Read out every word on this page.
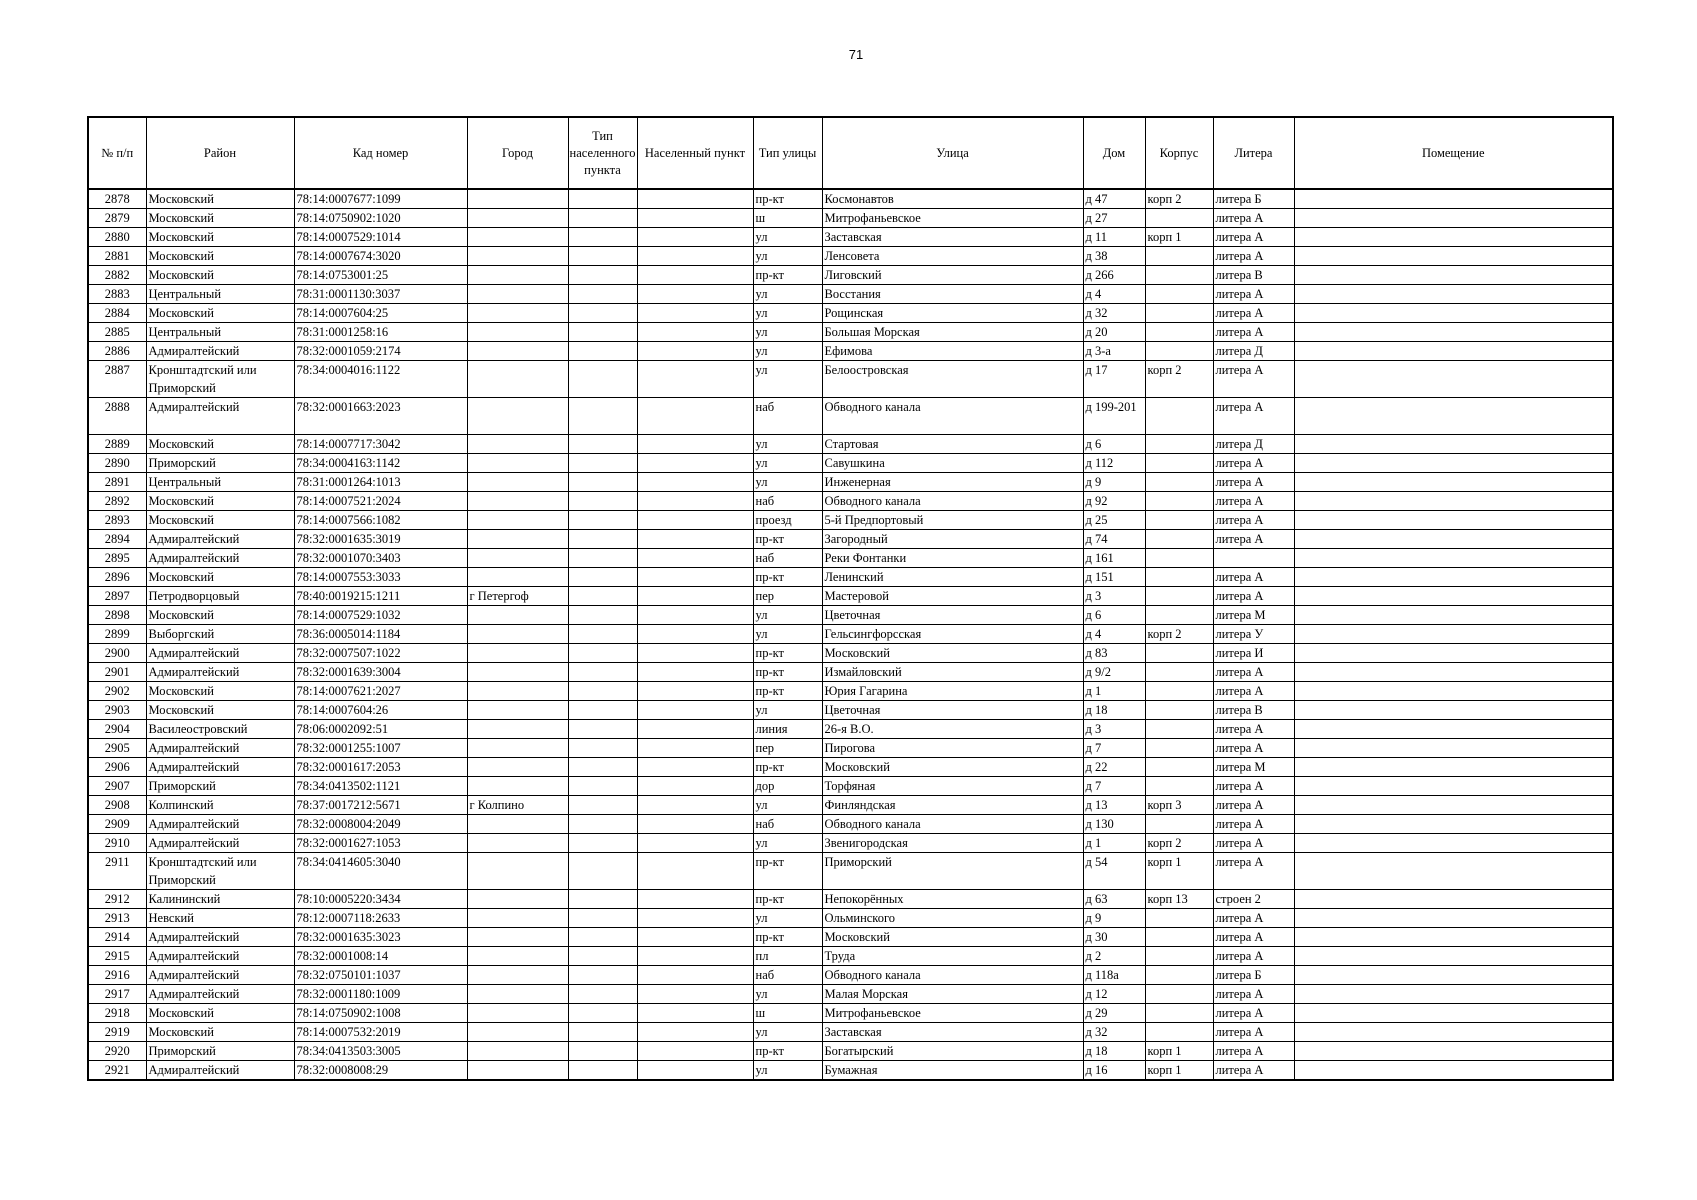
71
№ п/п	Район	Кад номер	Город	Тип населенного пункта	Населенный пункт	Тип улицы	Улица	Дом	Корпус	Литера	Помещение
2878	Московский	78:14:0007677:1099				пр-кт	Космонавтов	д 47	корп 2	литера Б	
2879	Московский	78:14:0750902:1020				ш	Митрофаньевское	д 27		литера А	
2880	Московский	78:14:0007529:1014				ул	Заставская	д 11	корп 1	литера А	
2881	Московский	78:14:0007674:3020				ул	Ленсовета	д 38		литера А	
2882	Московский	78:14:0753001:25				пр-кт	Лиговский	д 266		литера В	
2883	Центральный	78:31:0001130:3037				ул	Восстания	д 4		литера А	
2884	Московский	78:14:0007604:25				ул	Рощинская	д 32		литера А	
2885	Центральный	78:31:0001258:16				ул	Большая Морская	д 20		литера А	
2886	Адмиралтейский	78:32:0001059:2174				ул	Ефимова	д 3-а		литера Д	
2887	Кронштадтский или Приморский	78:34:0004016:1122				ул	Белоостровская	д 17	корп 2	литера А	
2888	Адмиралтейский	78:32:0001663:2023				наб	Обводного канала	д 199-201		литера А	
2889	Московский	78:14:0007717:3042				ул	Стартовая	д 6		литера Д	
2890	Приморский	78:34:0004163:1142				ул	Савушкина	д 112		литера А	
2891	Центральный	78:31:0001264:1013				ул	Инженерная	д 9		литера А	
2892	Московский	78:14:0007521:2024				наб	Обводного канала	д 92		литера А	
2893	Московский	78:14:0007566:1082				проезд	5-й Предпортовый	д 25		литера А	
2894	Адмиралтейский	78:32:0001635:3019				пр-кт	Загородный	д 74		литера А	
2895	Адмиралтейский	78:32:0001070:3403				наб	Реки Фонтанки	д 161			
2896	Московский	78:14:0007553:3033				пр-кт	Ленинский	д 151		литера А	
2897	Петродворцовый	78:40:0019215:1211	г Петергоф			пер	Мастеровой	д 3		литера А	
2898	Московский	78:14:0007529:1032				ул	Цветочная	д 6		литера М	
2899	Выборгский	78:36:0005014:1184				ул	Гельсингфорсская	д 4	корп 2	литера У	
2900	Адмиралтейский	78:32:0007507:1022				пр-кт	Московский	д 83		литера И	
2901	Адмиралтейский	78:32:0001639:3004				пр-кт	Измайловский	д 9/2		литера А	
2902	Московский	78:14:0007621:2027				пр-кт	Юрия Гагарина	д 1		литера А	
2903	Московский	78:14:0007604:26				ул	Цветочная	д 18		литера В	
2904	Василеостровский	78:06:0002092:51				линия	26-я В.О.	д 3		литера А	
2905	Адмиралтейский	78:32:0001255:1007				пер	Пирогова	д 7		литера А	
2906	Адмиралтейский	78:32:0001617:2053				пр-кт	Московский	д 22		литера М	
2907	Приморский	78:34:0413502:1121				дор	Торфяная	д 7		литера А	
2908	Колпинский	78:37:0017212:5671	г Колпино			ул	Финляндская	д 13	корп 3	литера А	
2909	Адмиралтейский	78:32:0008004:2049				наб	Обводного канала	д 130		литера А	
2910	Адмиралтейский	78:32:0001627:1053				ул	Звенигородская	д 1	корп 2	литера А	
2911	Кронштадтский или Приморский	78:34:0414605:3040				пр-кт	Приморский	д 54	корп 1	литера А	
2912	Калининский	78:10:0005220:3434				пр-кт	Непокорённых	д 63	корп 13	строен 2	
2913	Невский	78:12:0007118:2633				ул	Ольминского	д 9		литера А	
2914	Адмиралтейский	78:32:0001635:3023				пр-кт	Московский	д 30		литера А	
2915	Адмиралтейский	78:32:0001008:14				пл	Труда	д 2		литера А	
2916	Адмиралтейский	78:32:0750101:1037				наб	Обводного канала	д 118а		литера Б	
2917	Адмиралтейский	78:32:0001180:1009				ул	Малая Морская	д 12		литера А	
2918	Московский	78:14:0750902:1008				ш	Митрофаньевское	д 29		литера А	
2919	Московский	78:14:0007532:2019				ул	Заставская	д 32		литера А	
2920	Приморский	78:34:0413503:3005				пр-кт	Богатырский	д 18	корп 1	литера А	
2921	Адмиралтейский	78:32:0008008:29				ул	Бумажная	д 16	корп 1	литера А	
